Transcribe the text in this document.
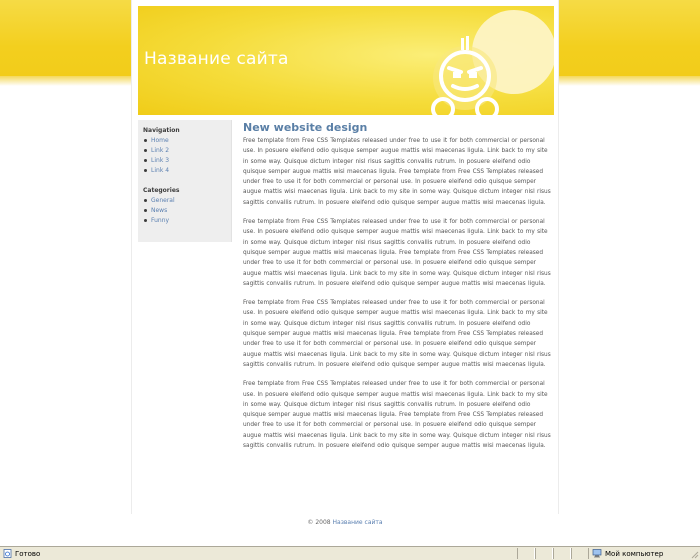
Название сайта
Navigation
Home
Link 2
Link 3
Link 4
Categories
General
News
Funny
New website design

Free template from Free CSS Templates released under free to use it for both commercial or personal use. In posuere eleifend odio quisque semper augue mattis wisi maecenas ligula. Link back to my site in some way. Quisque dictum integer nisl risus sagittis convallis rutrum. In posuere eleifend odio quisque semper augue mattis wisi maecenas ligula. Free template from Free CSS Templates released under free to use it for both commercial or personal use. In posuere eleifend odio quisque semper augue mattis wisi maecenas ligula. Link back to my site in some way. Quisque dictum integer nisl risus sagittis convallis rutrum. In posuere eleifend odio quisque semper augue mattis wisi maecenas ligula.

Free template from Free CSS Templates released under free to use it for both commercial or personal use. In posuere eleifend odio quisque semper augue mattis wisi maecenas ligula. Link back to my site in some way. Quisque dictum integer nisl risus sagittis convallis rutrum. In posuere eleifend odio quisque semper augue mattis wisi maecenas ligula. Free template from Free CSS Templates released under free to use it for both commercial or personal use. In posuere eleifend odio quisque semper augue mattis wisi maecenas ligula. Link back to my site in some way. Quisque dictum integer nisl risus sagittis convallis rutrum. In posuere eleifend odio quisque semper augue mattis wisi maecenas ligula.

Free template from Free CSS Templates released under free to use it for both commercial or personal use. In posuere eleifend odio quisque semper augue mattis wisi maecenas ligula. Link back to my site in some way. Quisque dictum integer nisl risus sagittis convallis rutrum. In posuere eleifend odio quisque semper augue mattis wisi maecenas ligula. Free template from Free CSS Templates released under free to use it for both commercial or personal use. In posuere eleifend odio quisque semper augue mattis wisi maecenas ligula. Link back to my site in some way. Quisque dictum integer nisl risus sagittis convallis rutrum. In posuere eleifend odio quisque semper augue mattis wisi maecenas ligula.

Free template from Free CSS Templates released under free to use it for both commercial or personal use. In posuere eleifend odio quisque semper augue mattis wisi maecenas ligula. Link back to my site in some way. Quisque dictum integer nisl risus sagittis convallis rutrum. In posuere eleifend odio quisque semper augue mattis wisi maecenas ligula. Free template from Free CSS Templates released under free to use it for both commercial or personal use. In posuere eleifend odio quisque semper augue mattis wisi maecenas ligula. Link back to my site in some way. Quisque dictum integer nisl risus sagittis convallis rutrum. In posuere eleifend odio quisque semper augue mattis wisi maecenas ligula.

© 2008 Название сайта
Готово	Мой компьютер
